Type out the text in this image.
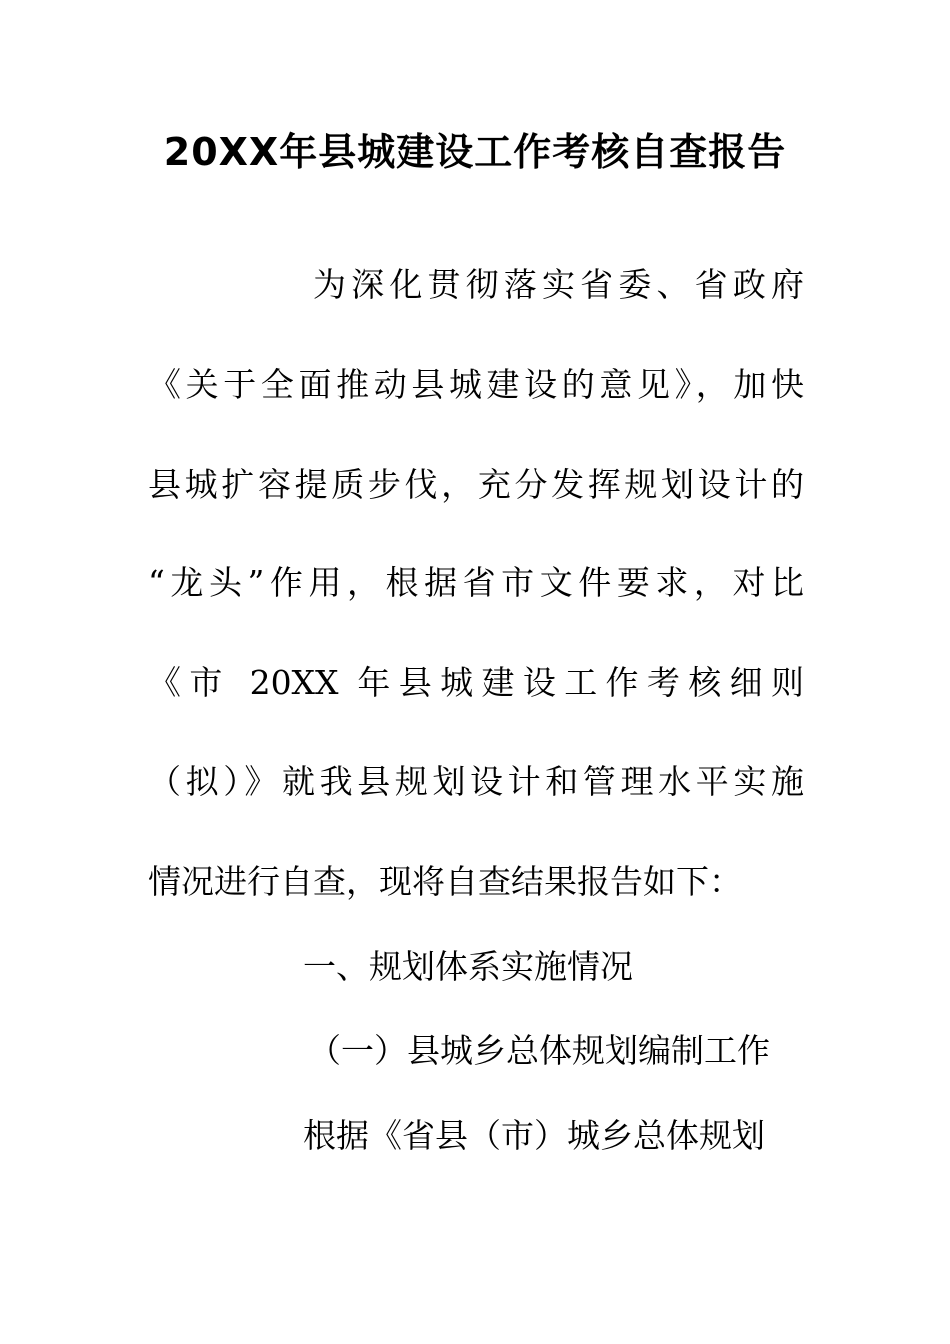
20XX年县城建设工作考核自查报告
为深化贯彻落实省委、省政府
《关于全面推动县城建设的意见》，加快
县城扩容提质步伐，充分发挥规划设计的
“龙头”作用，根据省市文件要求，对比
《市 20XX 年县城建设工作考核细则
（拟）》就我县规划设计和管理水平实施
情况进行自查，现将自查结果报告如下：
一、规划体系实施情况
（一）县城乡总体规划编制工作
根据《省县（市）城乡总体规划
